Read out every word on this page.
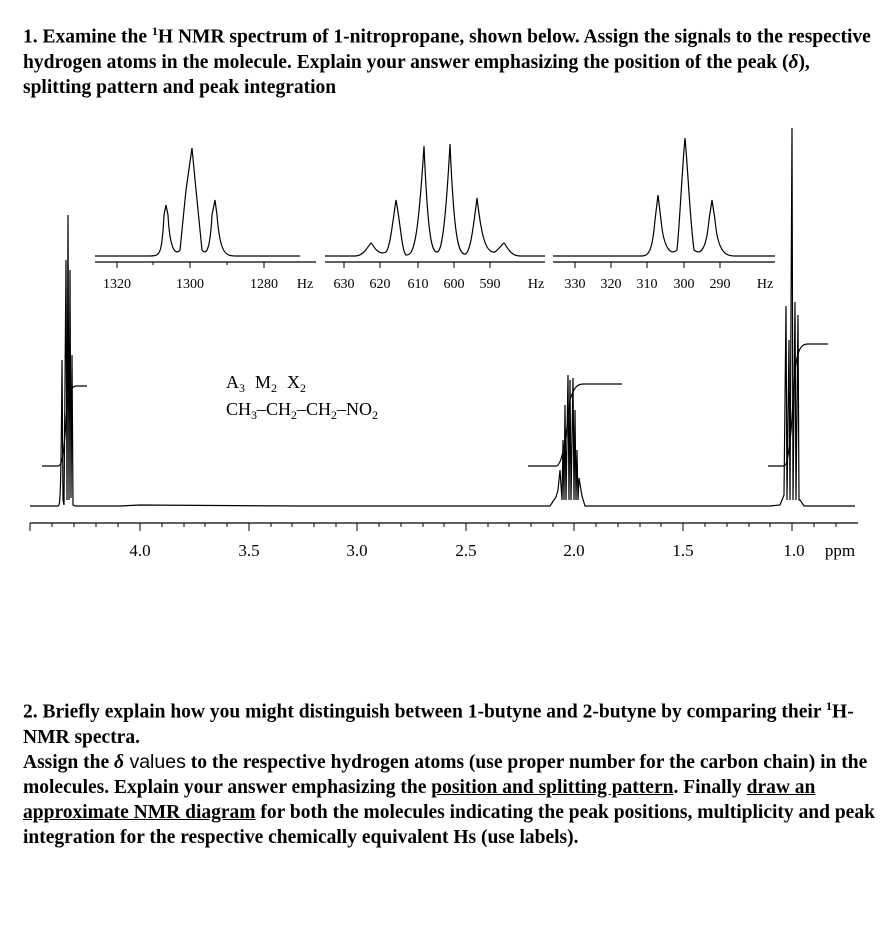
1. Examine the $^1$H NMR spectrum of 1-nitropropane, shown below. Assign the signals to the respective hydrogen atoms in the molecule. Explain your answer emphasizing the position of the peak (δ), splitting pattern and peak integration
1320	1300	1280 Hz 630 620 610 600 590 Hz 330 320 310 300 290 Hz
4.0	3.5	3.0	2.5	2.0	1.5	1.0 ppm
$A_3$ $M_2$ $X_2$
$CH_3-CH_2-CH_2-NO_2$
2. Briefly explain how you might distinguish between 1-butyne and 2-butyne by comparing their $^1$H-NMR spectra.
Assign the δ values to the respective hydrogen atoms (use proper number for the carbon chain) in the molecules. Explain your answer emphasizing the position and splitting pattern. Finally draw an approximate NMR diagram for both the molecules indicating the peak positions, multiplicity and peak integration for the respective chemically equivalent Hs (use labels).
